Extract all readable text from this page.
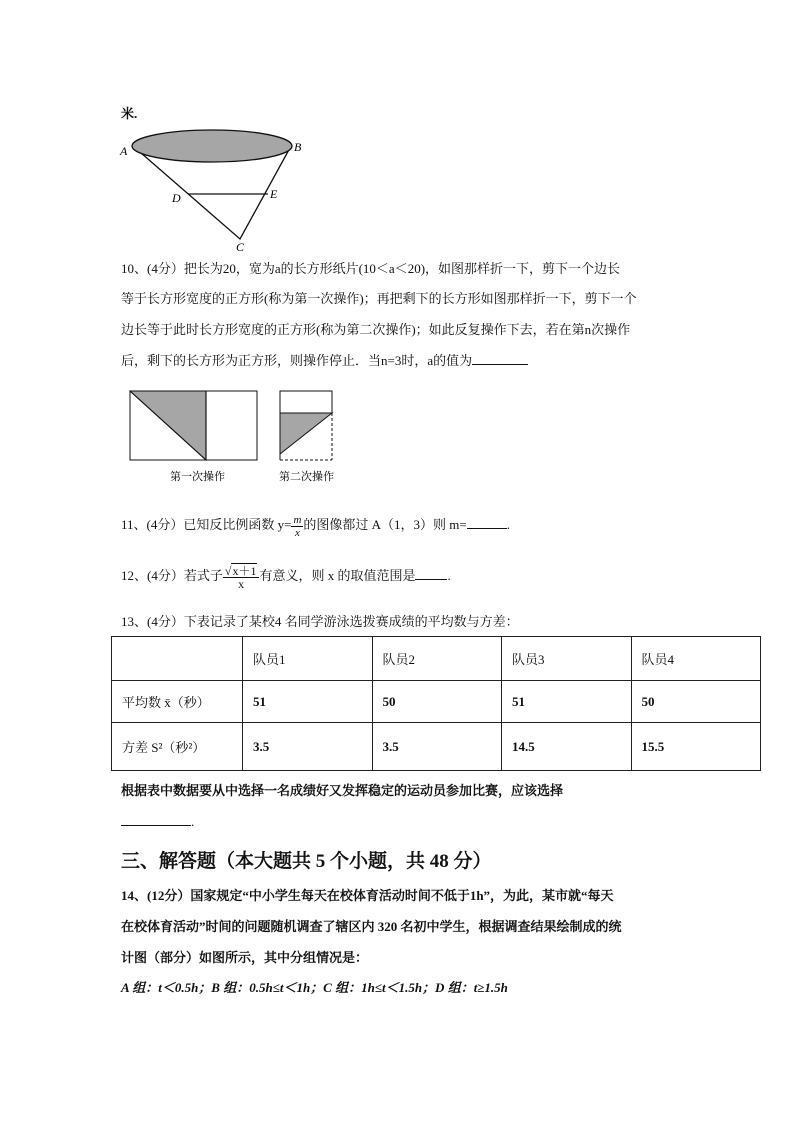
米.
A	B
D	E
C
10、(4分）把长为20，宽为a的长方形纸片(10＜a＜20)，如图那样折一下，剪下一个边长
等于长方形宽度的正方形(称为第一次操作)；再把剩下的长方形如图那样折一下，剪下一个
边长等于此时长方形宽度的正方形(称为第二次操作)；如此反复操作下去，若在第n次操作
后，剩下的长方形为正方形，则操作停止．当n=3时，a的值为
第一次操作	第二次操作
11、(4分）已知反比例函数 $y= \frac{m}{x}$ 的图像都过 A（1，3）则 m=	.
12、(4分）若式子 $\frac{√x+1}{x}$ 有意义，则 x 的取值范围是 .
13、(4分）下表记录了某校4 名同学游泳选拨赛成绩的平均数与方差：
	队员1	队员2	队员3	队员4
平均数 x̄（秒）	51	50	51	50
方差 S²（秒²）	3.5	3.5	14.5	15.5
根据表中数据要从中选择一名成绩好又发挥稳定的运动员参加比赛，应该选择
.
三、解答题（本大题共 5 个小题，共 48 分）
14、(12分）国家规定“中小学生每天在校体育活动时间不低于1h”，为此，某市就“每天
在校体育活动”时间的问题随机调查了辖区内 320 名初中学生，根据调查结果绘制成的统
计图（部分）如图所示，其中分组情况是：
A 组：t＜0.5h；B 组：0.5h≤t＜1h；C 组：1h≤t＜1.5h；D 组：t≥1.5h
